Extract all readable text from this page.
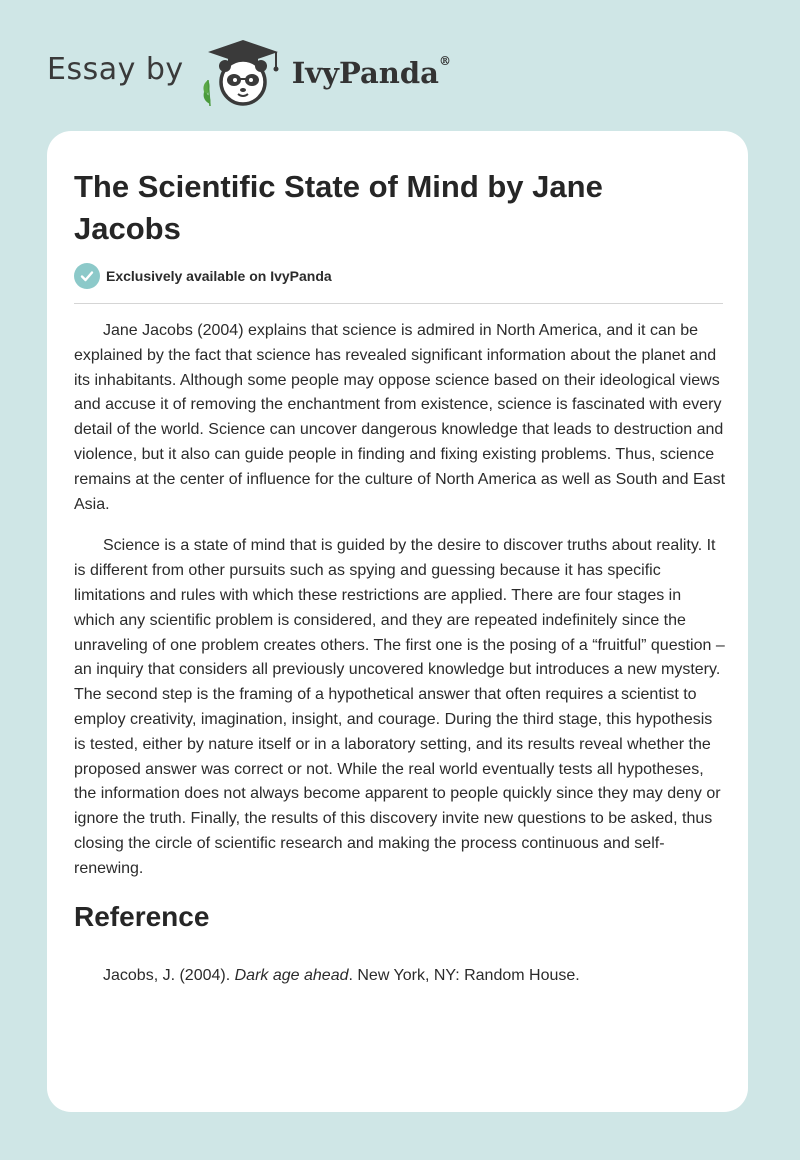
Essay by	IvyPanda®
The Scientific State of Mind by Jane Jacobs
Exclusively available on IvyPanda

Jane Jacobs (2004) explains that science is admired in North America, and it can be explained by the fact that science has revealed significant information about the planet and its inhabitants. Although some people may oppose science based on their ideological views and accuse it of removing the enchantment from existence, science is fascinated with every detail of the world. Science can uncover dangerous knowledge that leads to destruction and violence, but it also can guide people in finding and fixing existing problems. Thus, science remains at the center of influence for the culture of North America as well as South and East Asia.

Science is a state of mind that is guided by the desire to discover truths about reality. It is different from other pursuits such as spying and guessing because it has specific limitations and rules with which these restrictions are applied. There are four stages in which any scientific problem is considered, and they are repeated indefinitely since the unraveling of one problem creates others. The first one is the posing of a “fruitful” question – an inquiry that considers all previously uncovered knowledge but introduces a new mystery. The second step is the framing of a hypothetical answer that often requires a scientist to employ creativity, imagination, insight, and courage. During the third stage, this hypothesis is tested, either by nature itself or in a laboratory setting, and its results reveal whether the proposed answer was correct or not. While the real world eventually tests all hypotheses, the information does not always become apparent to people quickly since they may deny or ignore the truth. Finally, the results of this discovery invite new questions to be asked, thus closing the circle of scientific research and making the process continuous and self-renewing.

Reference

Jacobs, J. (2004). Dark age ahead. New York, NY: Random House.
